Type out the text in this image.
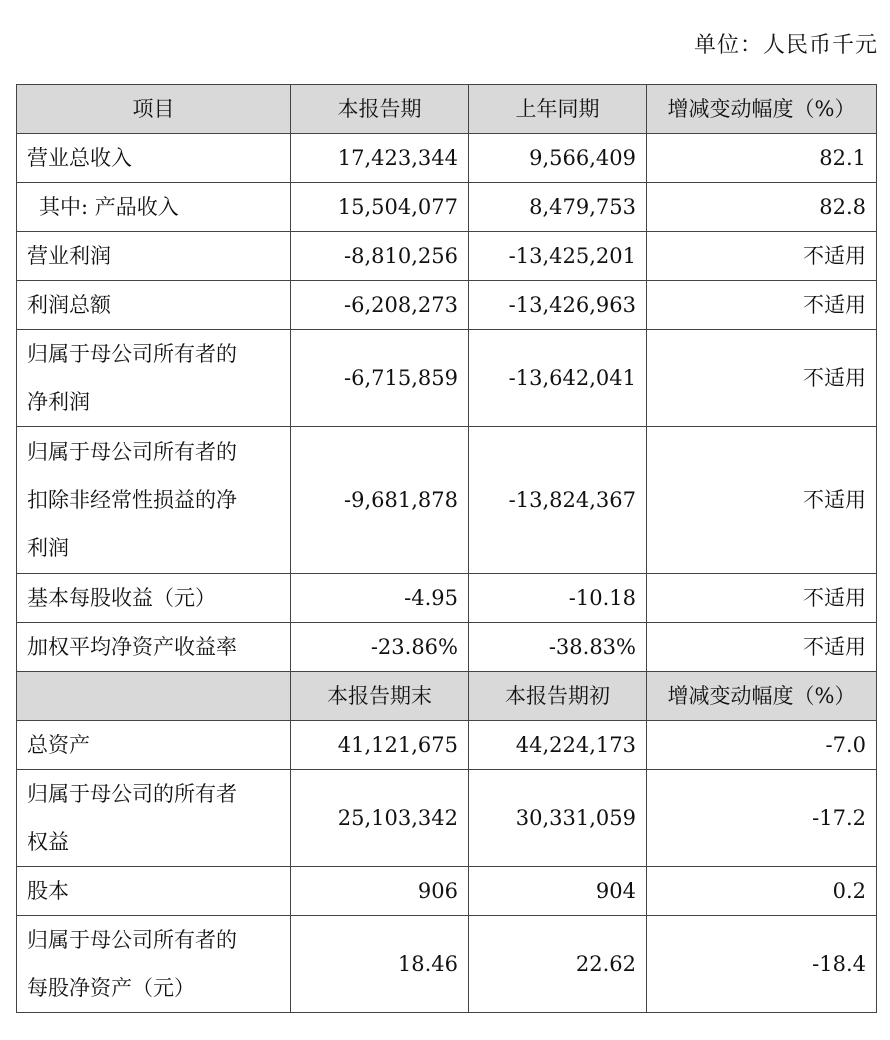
单位：人民币千元
项目	本报告期	上年同期	增减变动幅度（%）
营业总收入	17,423,344	9,566,409	82.1
其中: 产品收入	15,504,077	8,479,753	82.8
营业利润	-8,810,256	-13,425,201	不适用
利润总额	-6,208,273	-13,426,963	不适用
归属于母公司所有者的
净利润	-6,715,859	-13,642,041	不适用
归属于母公司所有者的
扣除非经常性损益的净
利润	-9,681,878	-13,824,367	不适用
基本每股收益（元）	-4.95	-10.18	不适用
加权平均净资产收益率	-23.86%	-38.83%	不适用
	本报告期末	本报告期初	增减变动幅度（%）
总资产	41,121,675	44,224,173	-7.0
归属于母公司的所有者
权益	25,103,342	30,331,059	-17.2
股本	906	904	0.2
归属于母公司所有者的
每股净资产（元）	18.46	22.62	-18.4
